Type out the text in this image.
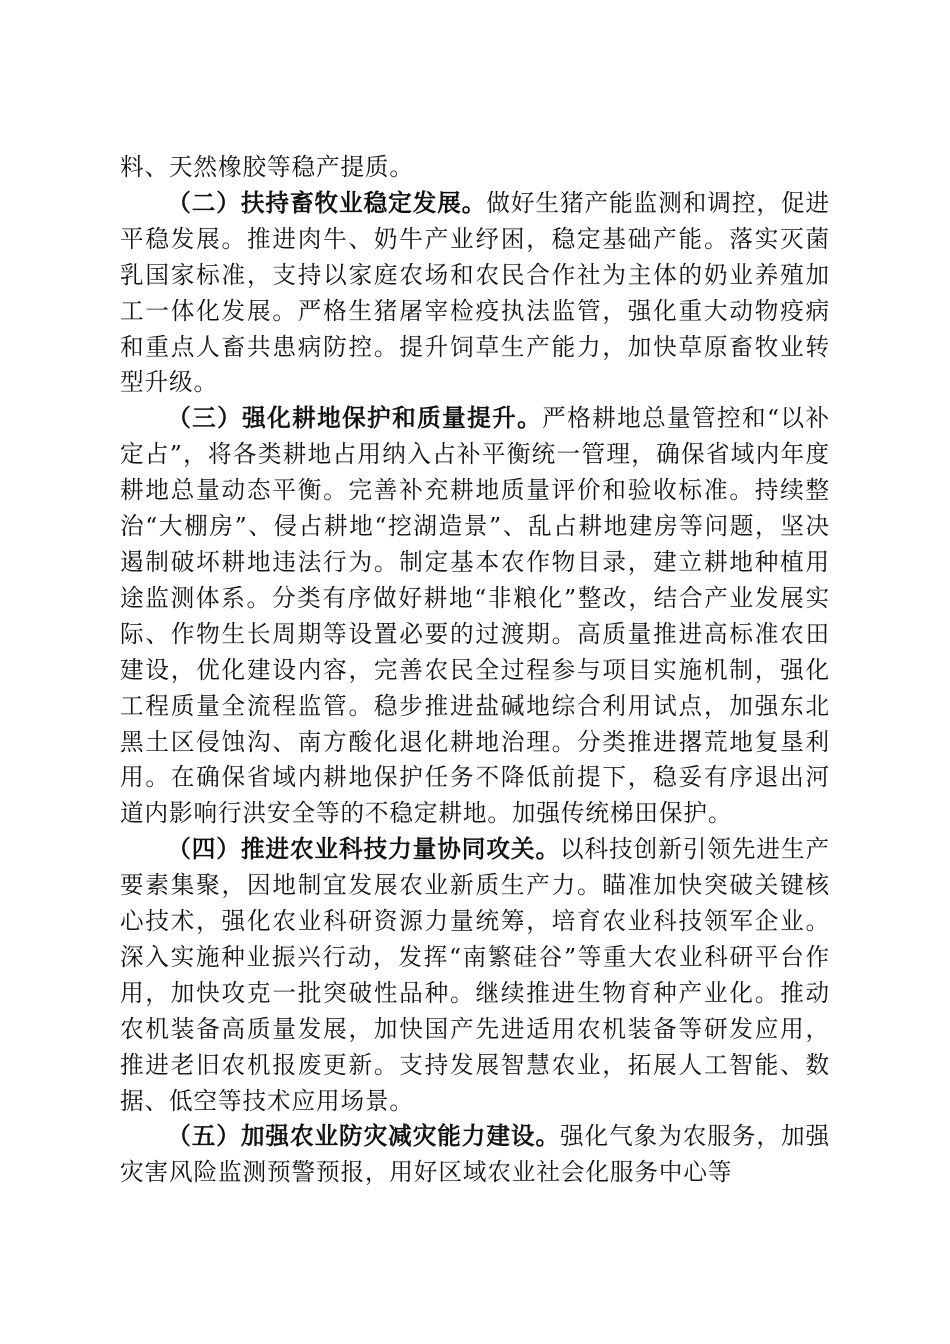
料、天然橡胶等稳产提质。

（二）扶持畜牧业稳定发展。做好生猪产能监测和调控，促进平稳发展。推进肉牛、奶牛产业纾困，稳定基础产能。落实灭菌乳国家标准，支持以家庭农场和农民合作社为主体的奶业养殖加工一体化发展。严格生猪屠宰检疫执法监管，强化重大动物疫病和重点人畜共患病防控。提升饲草生产能力，加快草原畜牧业转型升级。

（三）强化耕地保护和质量提升。严格耕地总量管控和“以补定占”，将各类耕地占用纳入占补平衡统一管理，确保省域内年度耕地总量动态平衡。完善补充耕地质量评价和验收标准。持续整治“大棚房”、侵占耕地“挖湖造景”、乱占耕地建房等问题，坚决遏制破坏耕地违法行为。制定基本农作物目录，建立耕地种植用途监测体系。分类有序做好耕地“非粮化”整改，结合产业发展实际、作物生长周期等设置必要的过渡期。高质量推进高标准农田建设，优化建设内容，完善农民全过程参与项目实施机制，强化工程质量全流程监管。稳步推进盐碱地综合利用试点，加强东北黑土区侵蚀沟、南方酸化退化耕地治理。分类推进撂荒地复垦利用。在确保省域内耕地保护任务不降低前提下，稳妥有序退出河道内影响行洪安全等的不稳定耕地。加强传统梯田保护。

（四）推进农业科技力量协同攻关。以科技创新引领先进生产要素集聚，因地制宜发展农业新质生产力。瞄准加快突破关键核心技术，强化农业科研资源力量统筹，培育农业科技领军企业。深入实施种业振兴行动，发挥“南繁硅谷”等重大农业科研平台作用，加快攻克一批突破性品种。继续推进生物育种产业化。推动农机装备高质量发展，加快国产先进适用农机装备等研发应用，推进老旧农机报废更新。支持发展智慧农业，拓展人工智能、数据、低空等技术应用场景。

（五）加强农业防灾减灾能力建设。强化气象为农服务，加强灾害风险监测预警预报，用好区域农业社会化服务中心等
